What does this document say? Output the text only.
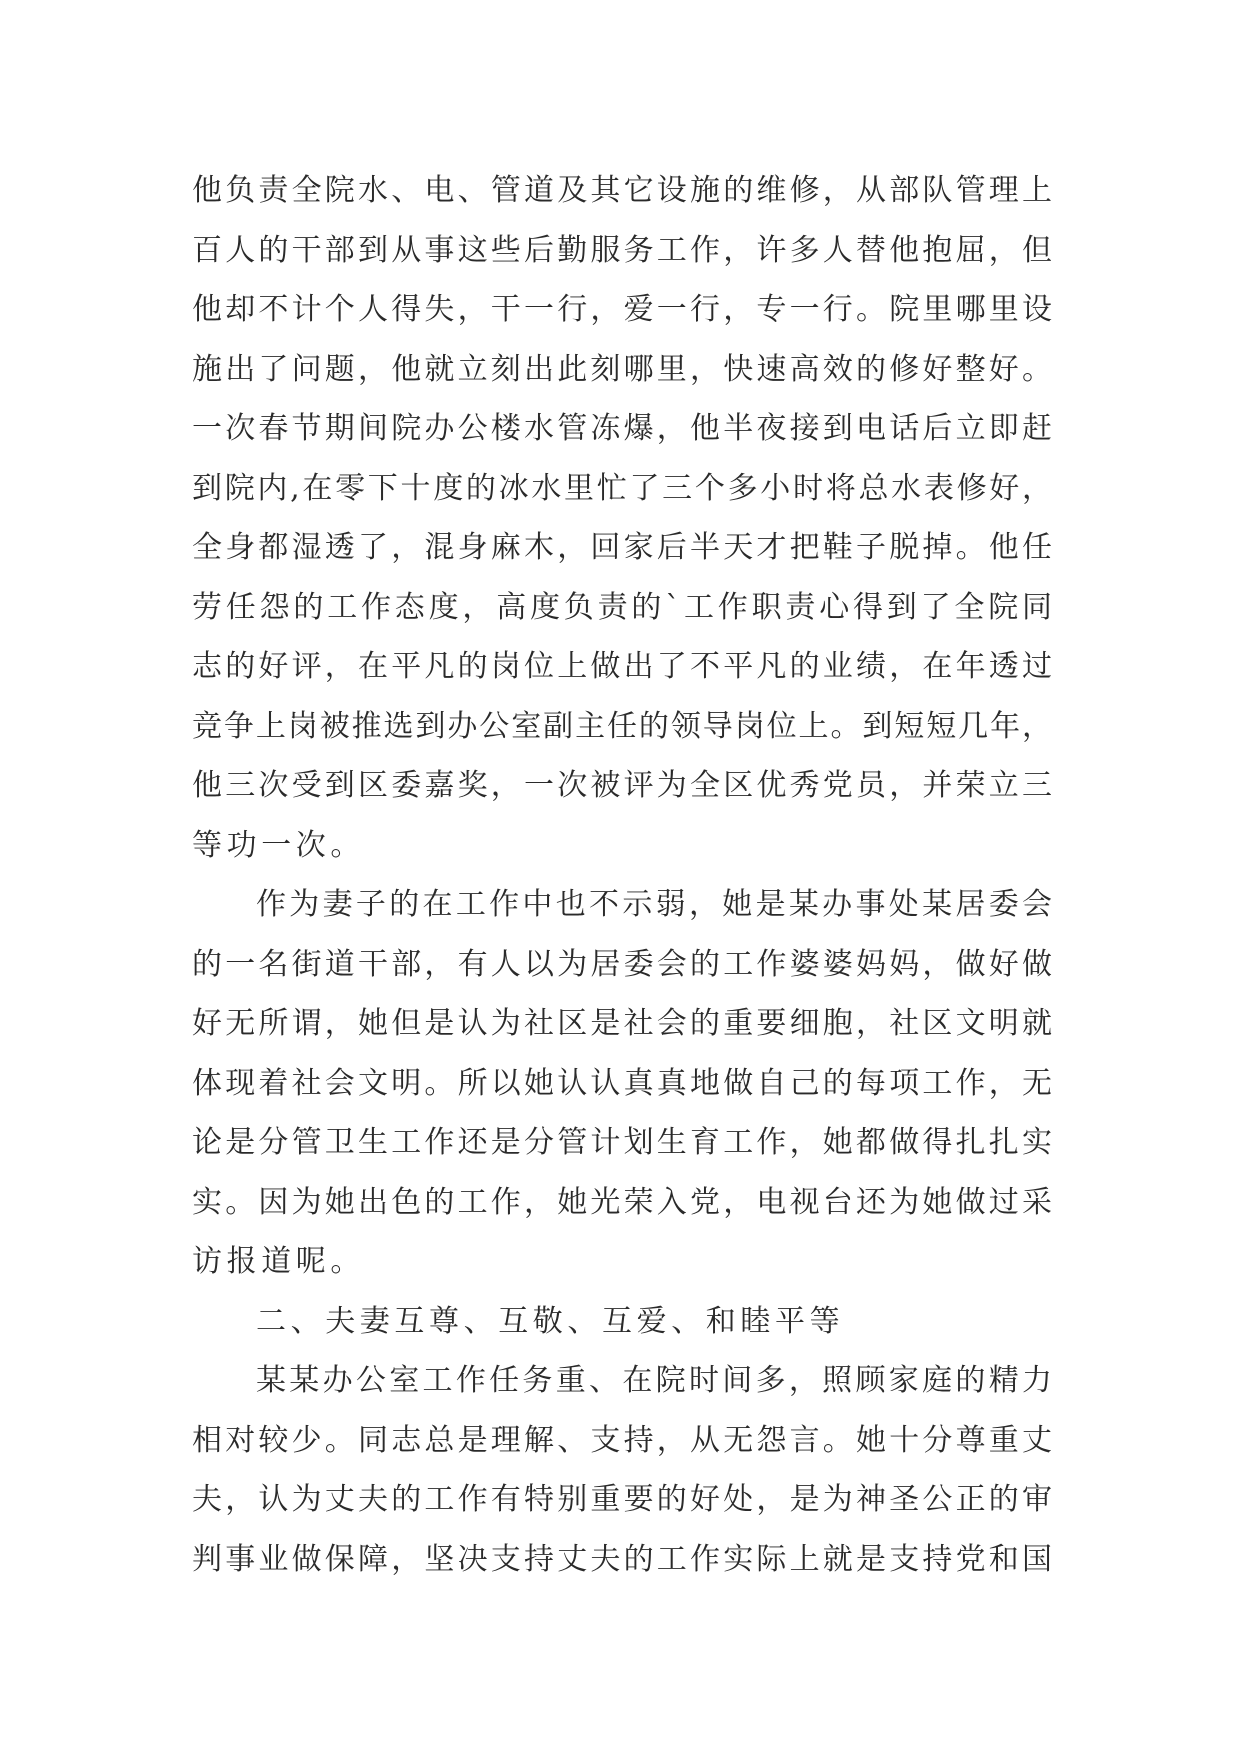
他负责全院水、电、管道及其它设施的维修，从部队管理上
百人的干部到从事这些后勤服务工作，许多人替他抱屈，但
他却不计个人得失，干一行，爱一行，专一行。院里哪里设
施出了问题，他就立刻出此刻哪里，快速高效的修好整好。
一次春节期间院办公楼水管冻爆，他半夜接到电话后立即赶
到院内,在零下十度的冰水里忙了三个多小时将总水表修好，
全身都湿透了，混身麻木，回家后半天才把鞋子脱掉。他任
劳任怨的工作态度，高度负责的`工作职责心得到了全院同
志的好评，在平凡的岗位上做出了不平凡的业绩，在年透过
竞争上岗被推选到办公室副主任的领导岗位上。到短短几年，
他三次受到区委嘉奖，一次被评为全区优秀党员，并荣立三
等功一次。
作为妻子的在工作中也不示弱，她是某办事处某居委会
的一名街道干部，有人以为居委会的工作婆婆妈妈，做好做
好无所谓，她但是认为社区是社会的重要细胞，社区文明就
体现着社会文明。所以她认认真真地做自己的每项工作，无
论是分管卫生工作还是分管计划生育工作，她都做得扎扎实
实。因为她出色的工作，她光荣入党，电视台还为她做过采
访报道呢。
二、夫妻互尊、互敬、互爱、和睦平等
某某办公室工作任务重、在院时间多，照顾家庭的精力
相对较少。同志总是理解、支持，从无怨言。她十分尊重丈
夫，认为丈夫的工作有特别重要的好处，是为神圣公正的审
判事业做保障，坚决支持丈夫的工作实际上就是支持党和国
